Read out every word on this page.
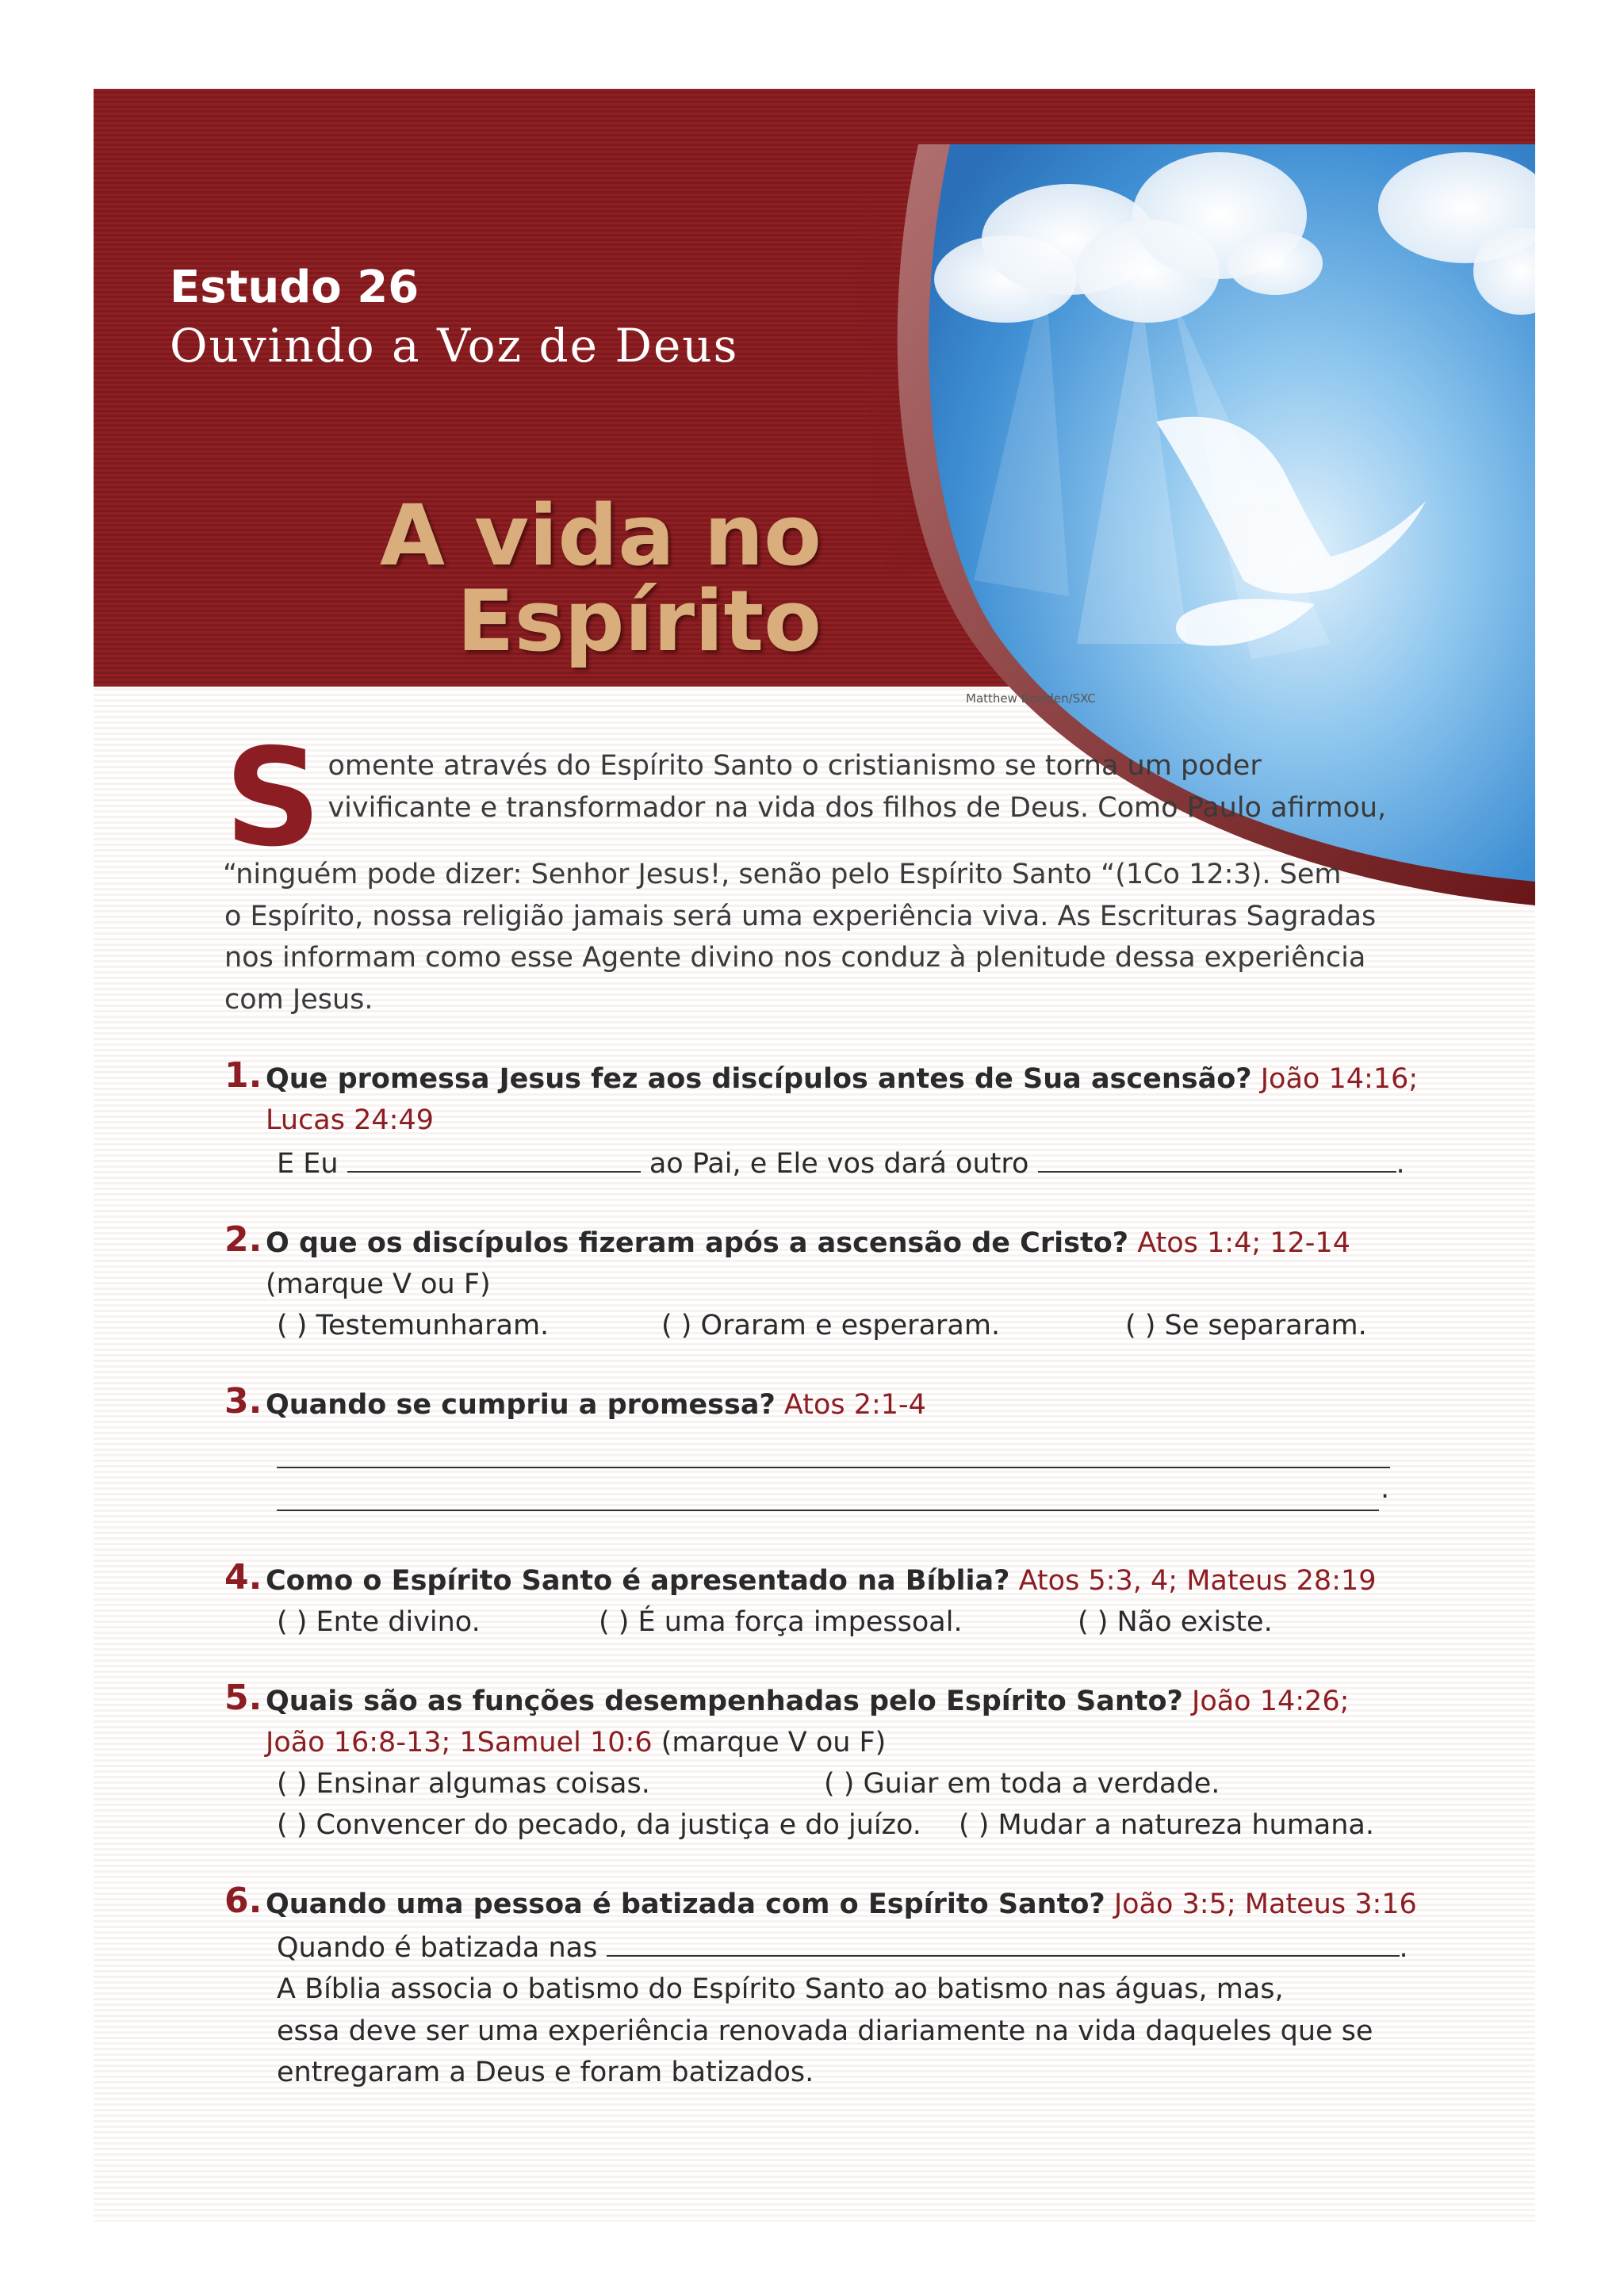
Estudo 26
Ouvindo a Voz de Deus
A vida no
Espírito
Matthew Bowden/SXC
S omente através do Espírito Santo o cristianismo se torna um poder
vivificante e transformador na vida dos filhos de Deus. Como Paulo afirmou,
“ninguém pode dizer: Senhor Jesus!, senão pelo Espírito Santo “(1Co 12:3). Sem
o Espírito, nossa religião jamais será uma experiência viva. As Escrituras Sagradas
nos informam como esse Agente divino nos conduz à plenitude dessa experiência
com Jesus.
1. Que promessa Jesus fez aos discípulos antes de Sua ascensão? João 14:16;
Lucas 24:49
E Eu	ao Pai, e Ele vos dará outro	.
2. O que os discípulos fizeram após a ascensão de Cristo? Atos 1:4; 12-14
(marque V ou F)
( ) Testemunharam.	( ) Oraram e esperaram.	( ) Se separaram.
3. Quando se cumpriu a promessa? Atos 2:1-4
.
4. Como o Espírito Santo é apresentado na Bíblia? Atos 5:3, 4; Mateus 28:19
( ) Ente divino.	( ) É uma força impessoal.	( ) Não existe.
5. Quais são as funções desempenhadas pelo Espírito Santo? João 14:26;
João 16:8-13; 1Samuel 10:6 (marque V ou F)
( ) Ensinar algumas coisas.	( ) Guiar em toda a verdade.
( ) Convencer do pecado, da justiça e do juízo.	( ) Mudar a natureza humana.
6. Quando uma pessoa é batizada com o Espírito Santo? João 3:5; Mateus 3:16
Quando é batizada nas	.
A Bíblia associa o batismo do Espírito Santo ao batismo nas águas, mas,
essa deve ser uma experiência renovada diariamente na vida daqueles que se
entregaram a Deus e foram batizados.
